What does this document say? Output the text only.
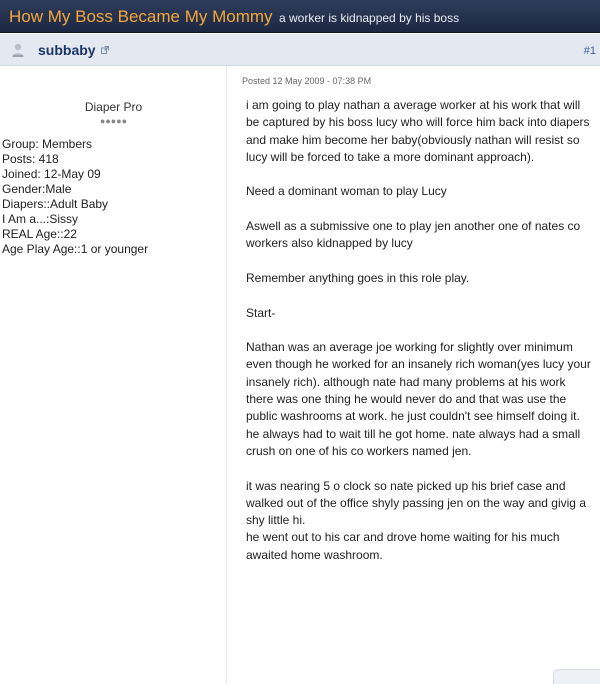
How My Boss Became My Mommy a worker is kidnapped by his boss
subbaby	#1
Diaper Pro
●●●●●
Group: Members
Posts: 418
Joined: 12-May 09
Gender:Male
Diapers::Adult Baby
I Am a...:Sissy
REAL Age::22
Age Play Age::1 or younger
Posted 12 May 2009 - 07:38 PM

i am going to play nathan a average worker at his work that will be captured by his boss lucy who will force him back into diapers and make him become her baby(obviously nathan will resist so lucy will be forced to take a more dominant approach).

Need a dominant woman to play Lucy

Aswell as a submissive one to play jen another one of nates co workers also kidnapped by lucy

Remember anything goes in this role play.

Start-

Nathan was an average joe working for slightly over minimum even though he worked for an insanely rich woman(yes lucy your insanely rich). although nate had many problems at his work there was one thing he would never do and that was use the public washrooms at work. he just couldn't see himself doing it. he always had to wait till he got home. nate always had a small crush on one of his co workers named jen.

it was nearing 5 o clock so nate picked up his brief case and walked out of the office shyly passing jen on the way and givig a shy little hi.
he went out to his car and drove home waiting for his much awaited home washroom.
